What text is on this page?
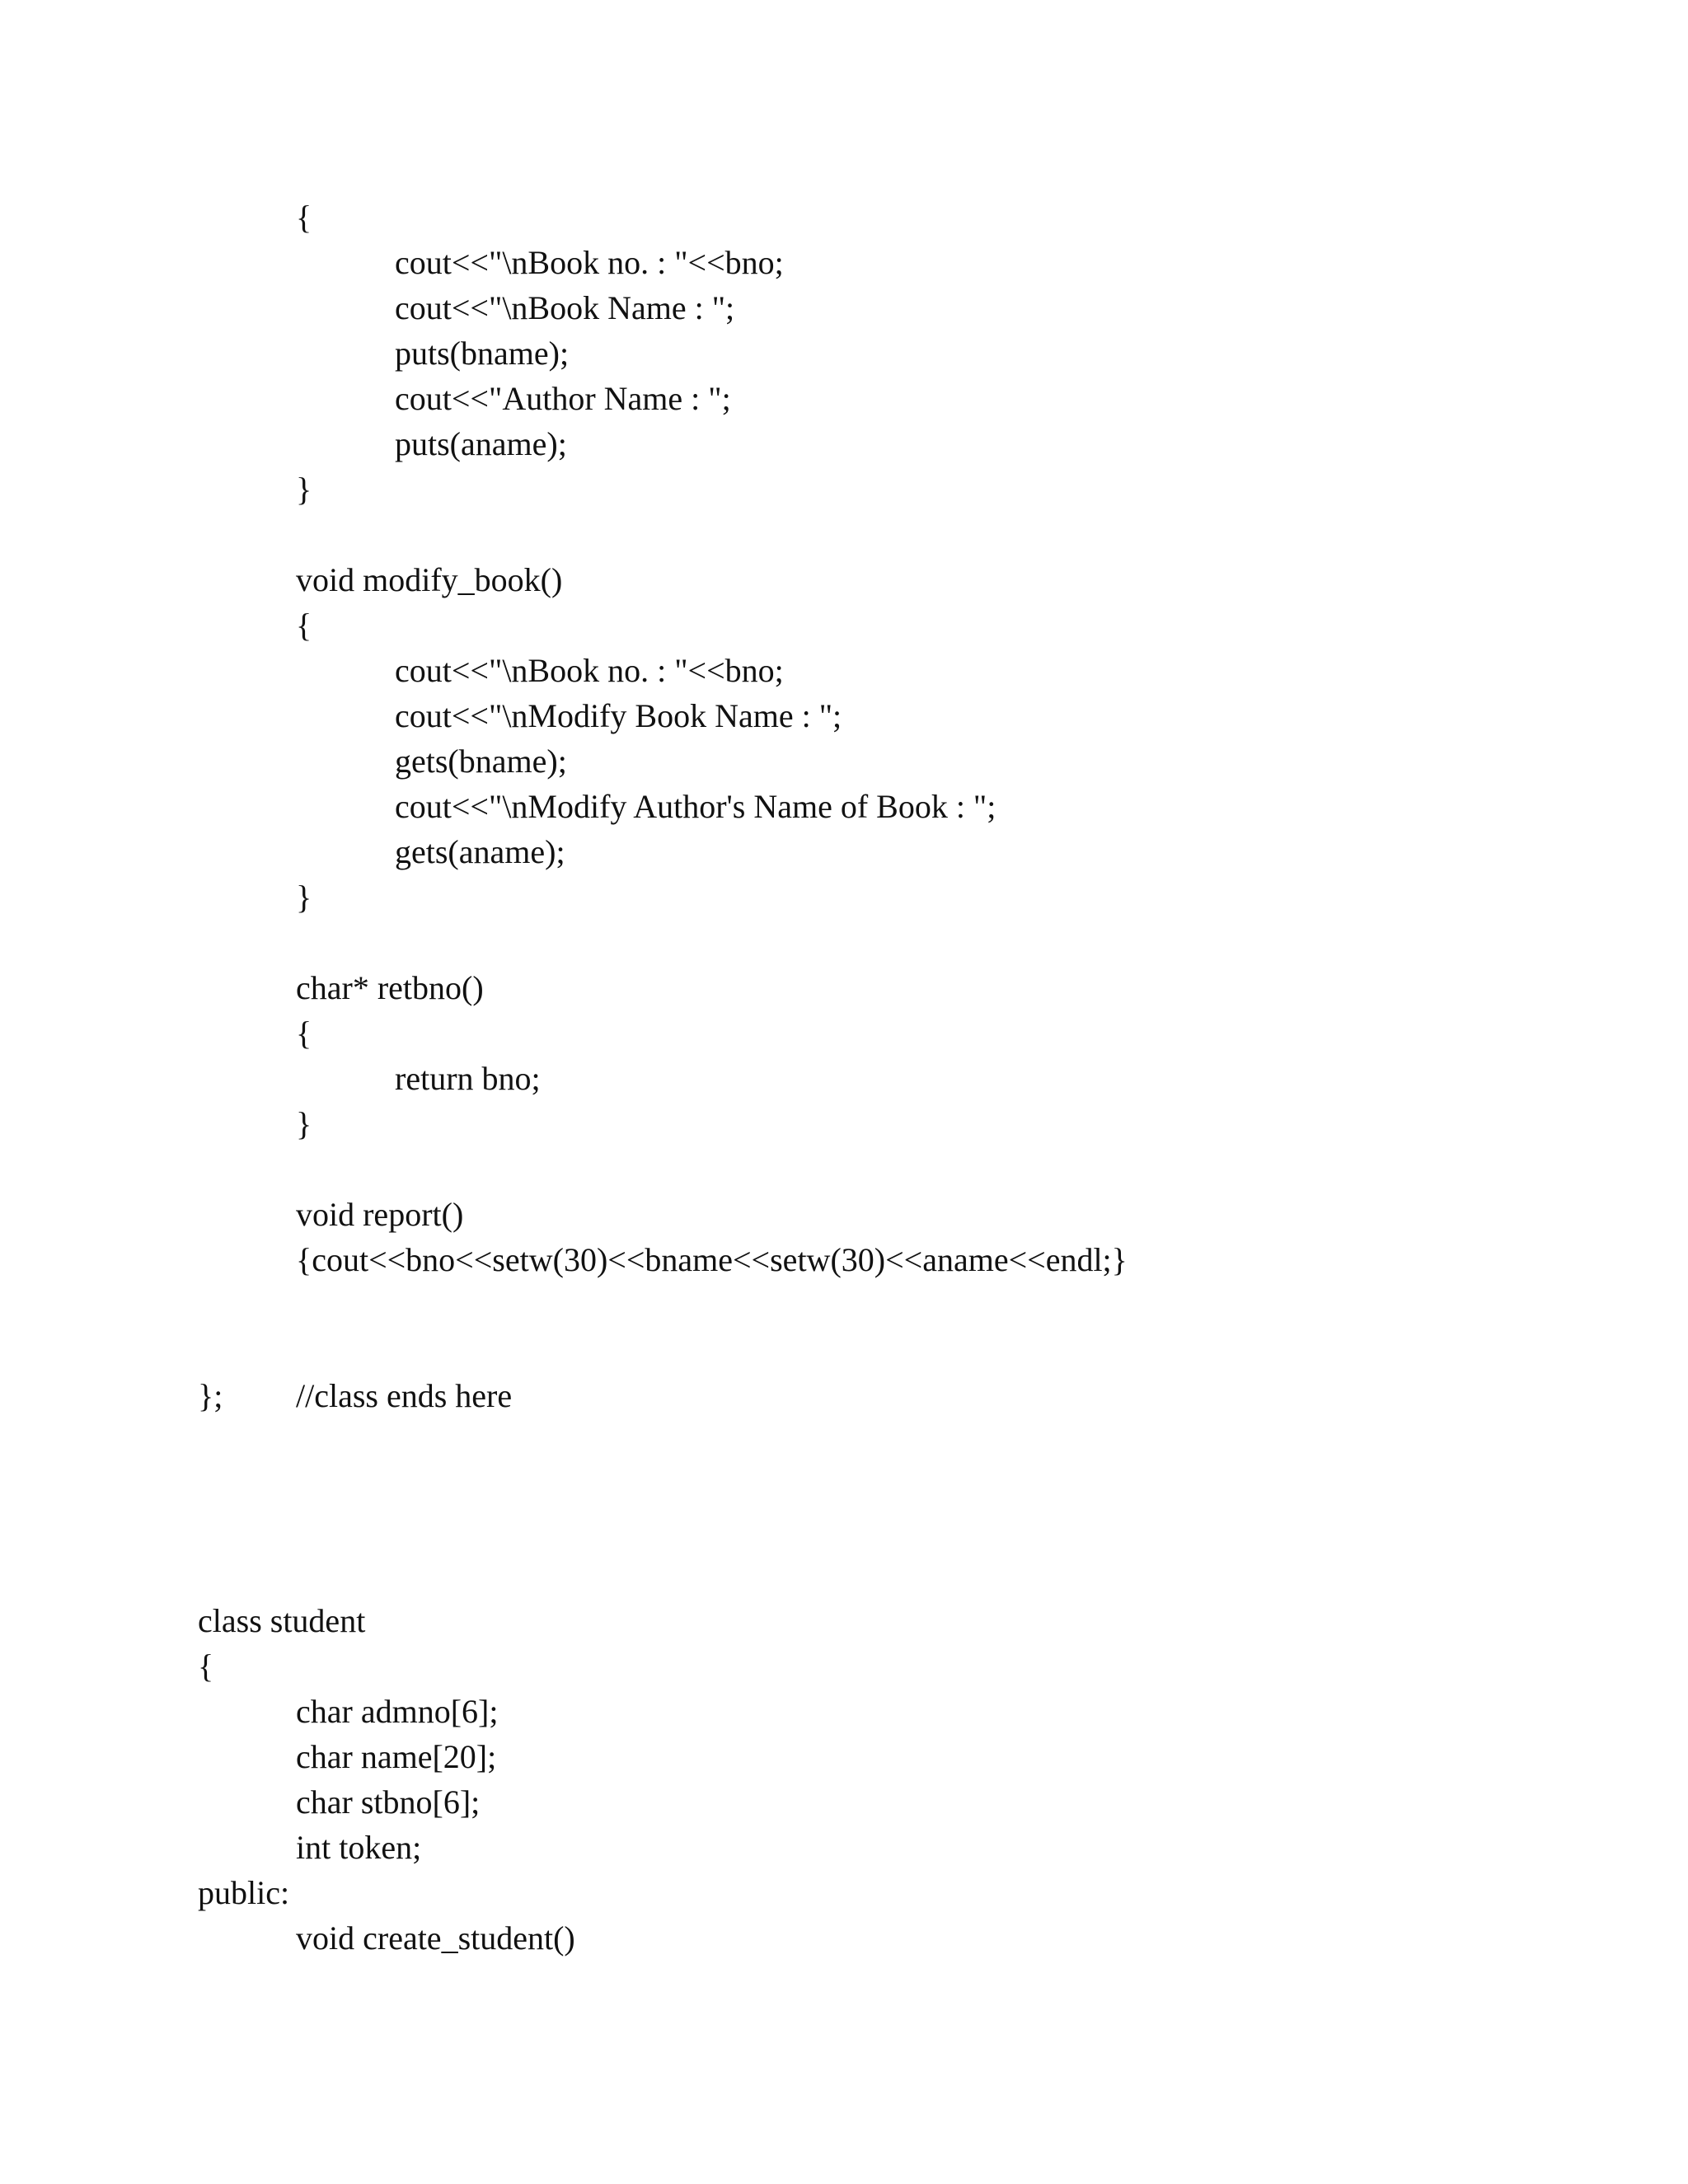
{
cout<<"\nBook no. : "<<bno;
cout<<"\nBook Name : ";
puts(bname);
cout<<"Author Name : ";
puts(aname);
}
void modify_book()
{
cout<<"\nBook no. : "<<bno;
cout<<"\nModify Book Name : ";
gets(bname);
cout<<"\nModify Author's Name of Book : ";
gets(aname);
}
char* retbno()
{
return bno;
}
void report()
{cout<<bno<<setw(30)<<bname<<setw(30)<<aname<<endl;}
}; //class ends here
class student
{
char admno[6];
char name[20];
char stbno[6];
int token;
public:
void create_student()
